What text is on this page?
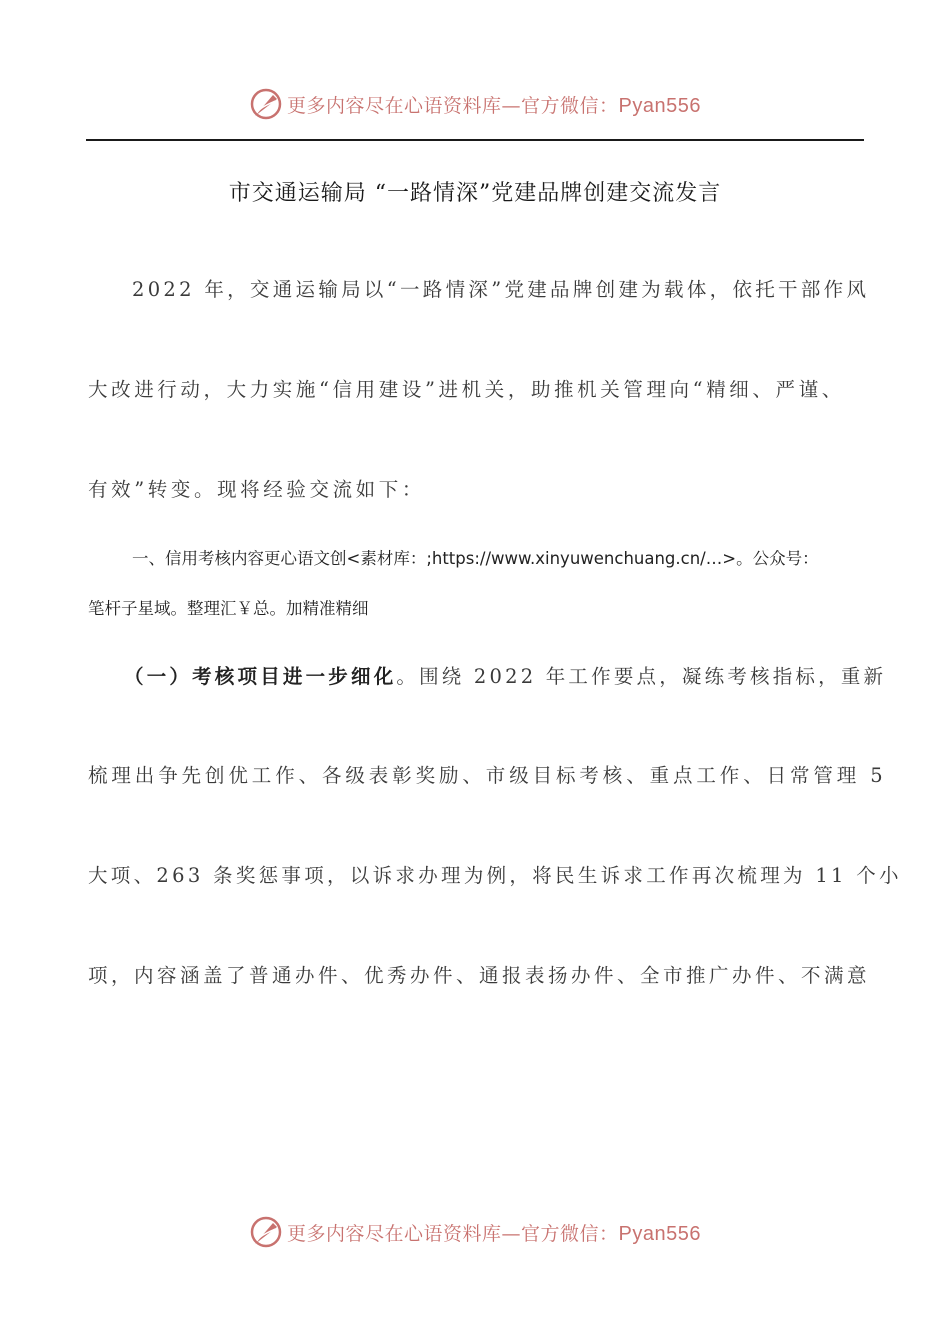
更多内容尽在心语资料库—官方微信：Pyan556
市交通运输局 “一路情深”党建品牌创建交流发言
2022 年，交通运输局以“一路情深”党建品牌创建为载体，依托干部作风
大改进行动，大力实施“信用建设”进机关，助推机关管理向“精细、严谨、
有效”转变。现将经验交流如下：
一、信用考核内容更心语文创<素材库：;https://www.xinyuwenchuang.cn/…>。公众号：
笔杆子星域。整理汇￥总。加精准精细
（一）考核项目进一步细化。围绕 2022 年工作要点，凝练考核指标，重新
梳理出争先创优工作、各级表彰奖励、市级目标考核、重点工作、日常管理 5
大项、263 条奖惩事项，以诉求办理为例，将民生诉求工作再次梳理为 11 个小
项，内容涵盖了普通办件、优秀办件、通报表扬办件、全市推广办件、不满意
更多内容尽在心语资料库—官方微信：Pyan556
